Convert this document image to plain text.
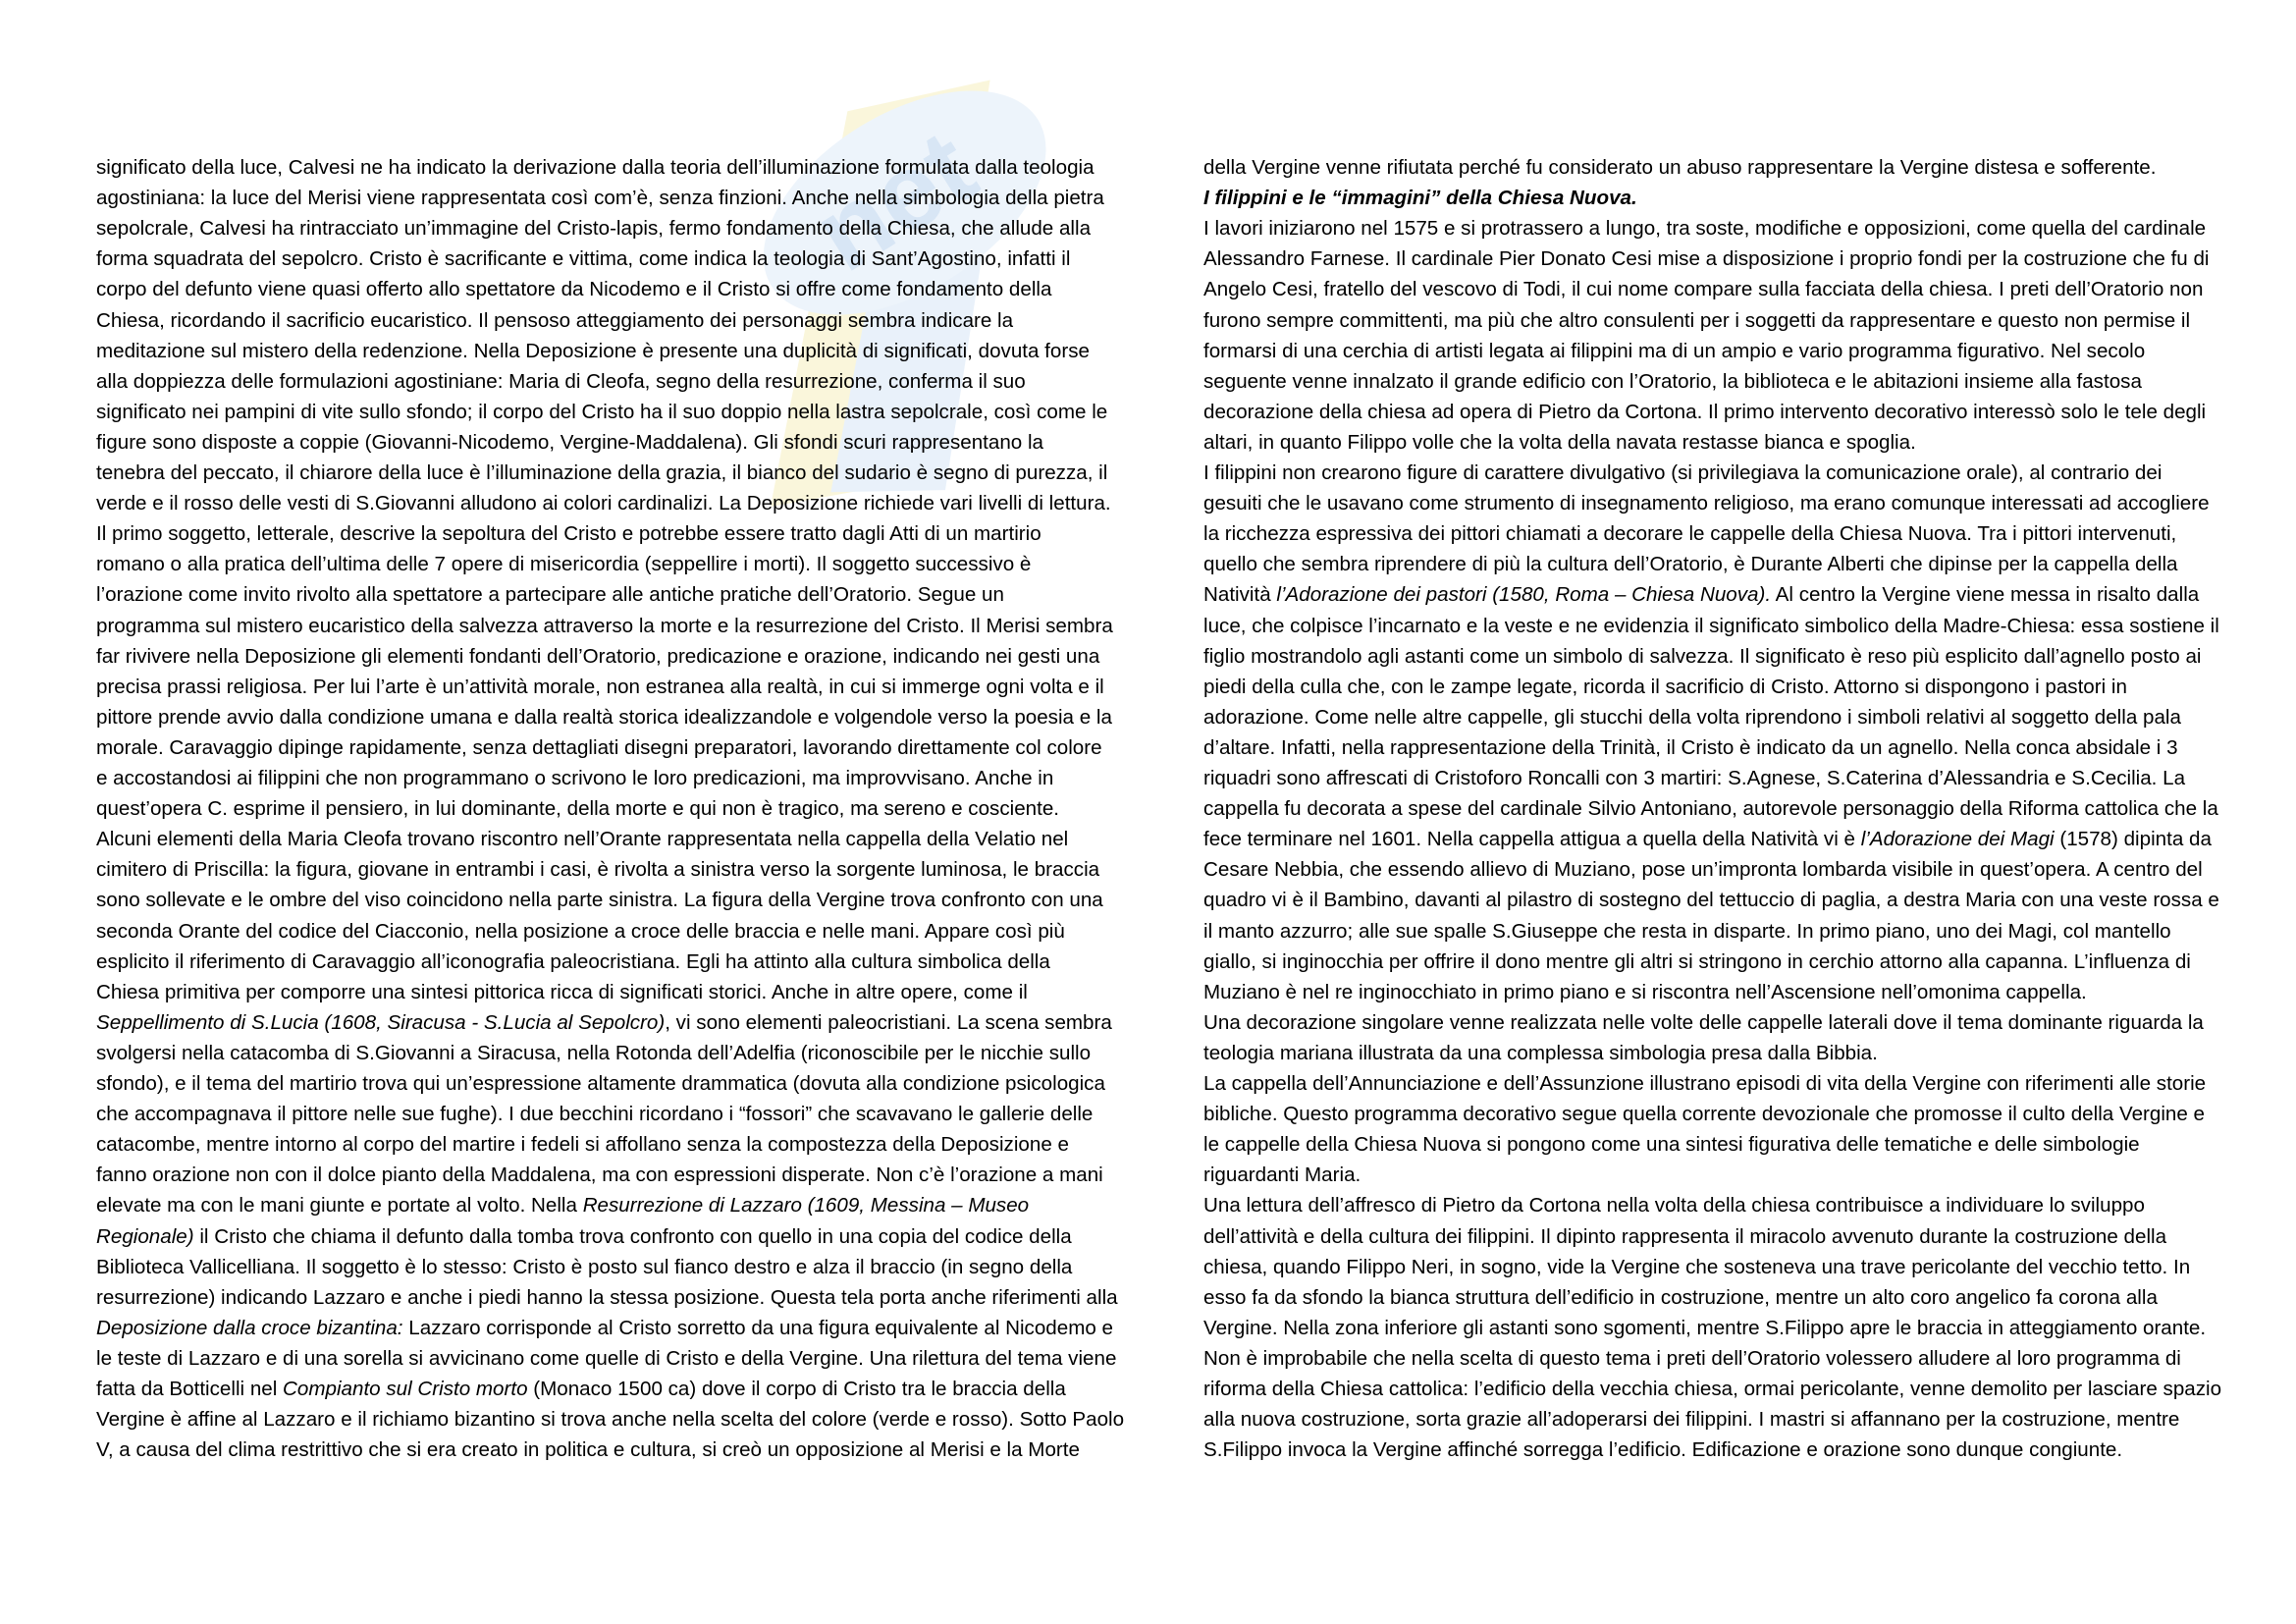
net
significato della luce, Calvesi ne ha indicato la derivazione dalla teoria dell’illuminazione formulata dalla teologia
agostiniana: la luce del Merisi viene rappresentata così com’è, senza finzioni. Anche nella simbologia della pietra
sepolcrale, Calvesi ha rintracciato un’immagine del Cristo-lapis, fermo fondamento della Chiesa, che allude alla
forma squadrata del sepolcro. Cristo è sacrificante e vittima, come indica la teologia di Sant’Agostino, infatti il
corpo del defunto viene quasi offerto allo spettatore da Nicodemo e il Cristo si offre come fondamento della
Chiesa, ricordando il sacrificio eucaristico. Il pensoso atteggiamento dei personaggi sembra indicare la
meditazione sul mistero della redenzione. Nella Deposizione è presente una duplicità di significati, dovuta forse
alla doppiezza delle formulazioni agostiniane: Maria di Cleofa, segno della resurrezione, conferma il suo
significato nei pampini di vite sullo sfondo; il corpo del Cristo ha il suo doppio nella lastra sepolcrale, così come le
figure sono disposte a coppie (Giovanni-Nicodemo, Vergine-Maddalena). Gli sfondi scuri rappresentano la
tenebra del peccato, il chiarore della luce è l’illuminazione della grazia, il bianco del sudario è segno di purezza, il
verde e il rosso delle vesti di S.Giovanni alludono ai colori cardinalizi. La Deposizione richiede vari livelli di lettura.
Il primo soggetto, letterale, descrive la sepoltura del Cristo e potrebbe essere tratto dagli Atti di un martirio
romano o alla pratica dell’ultima delle 7 opere di misericordia (seppellire i morti). Il soggetto successivo è
l’orazione come invito rivolto alla spettatore a partecipare alle antiche pratiche dell’Oratorio. Segue un
programma sul mistero eucaristico della salvezza attraverso la morte e la resurrezione del Cristo. Il Merisi sembra
far rivivere nella Deposizione gli elementi fondanti dell’Oratorio, predicazione e orazione, indicando nei gesti una
precisa prassi religiosa. Per lui l’arte è un’attività morale, non estranea alla realtà, in cui si immerge ogni volta e il
pittore prende avvio dalla condizione umana e dalla realtà storica idealizzandole e volgendole verso la poesia e la
morale. Caravaggio dipinge rapidamente, senza dettagliati disegni preparatori, lavorando direttamente col colore
e accostandosi ai filippini che non programmano o scrivono le loro predicazioni, ma improvvisano. Anche in
quest’opera C. esprime il pensiero, in lui dominante, della morte e qui non è tragico, ma sereno e cosciente.
Alcuni elementi della Maria Cleofa trovano riscontro nell’Orante rappresentata nella cappella della Velatio nel
cimitero di Priscilla: la figura, giovane in entrambi i casi, è rivolta a sinistra verso la sorgente luminosa, le braccia
sono sollevate e le ombre del viso coincidono nella parte sinistra. La figura della Vergine trova confronto con una
seconda Orante del codice del Ciacconio, nella posizione a croce delle braccia e nelle mani. Appare così più
esplicito il riferimento di Caravaggio all’iconografia paleocristiana. Egli ha attinto alla cultura simbolica della
Chiesa primitiva per comporre una sintesi pittorica ricca di significati storici. Anche in altre opere, come il
Seppellimento di S.Lucia (1608, Siracusa - S.Lucia al Sepolcro), vi sono elementi paleocristiani. La scena sembra
svolgersi nella catacomba di S.Giovanni a Siracusa, nella Rotonda dell’Adelfia (riconoscibile per le nicchie sullo
sfondo), e il tema del martirio trova qui un’espressione altamente drammatica (dovuta alla condizione psicologica
che accompagnava il pittore nelle sue fughe). I due becchini ricordano i “fossori” che scavavano le gallerie delle
catacombe, mentre intorno al corpo del martire i fedeli si affollano senza la compostezza della Deposizione e
fanno orazione non con il dolce pianto della Maddalena, ma con espressioni disperate. Non c’è l’orazione a mani
elevate ma con le mani giunte e portate al volto. Nella Resurrezione di Lazzaro (1609, Messina – Museo
Regionale) il Cristo che chiama il defunto dalla tomba trova confronto con quello in una copia del codice della
Biblioteca Vallicelliana. Il soggetto è lo stesso: Cristo è posto sul fianco destro e alza il braccio (in segno della
resurrezione) indicando Lazzaro e anche i piedi hanno la stessa posizione. Questa tela porta anche riferimenti alla
Deposizione dalla croce bizantina: Lazzaro corrisponde al Cristo sorretto da una figura equivalente al Nicodemo e
le teste di Lazzaro e di una sorella si avvicinano come quelle di Cristo e della Vergine. Una rilettura del tema viene
fatta da Botticelli nel Compianto sul Cristo morto (Monaco 1500 ca) dove il corpo di Cristo tra le braccia della
Vergine è affine al Lazzaro e il richiamo bizantino si trova anche nella scelta del colore (verde e rosso). Sotto Paolo
V, a causa del clima restrittivo che si era creato in politica e cultura, si creò un opposizione al Merisi e la Morte
della Vergine venne rifiutata perché fu considerato un abuso rappresentare la Vergine distesa e sofferente.
I filippini e le “immagini” della Chiesa Nuova.
I lavori iniziarono nel 1575 e si protrassero a lungo, tra soste, modifiche e opposizioni, come quella del cardinale
Alessandro Farnese. Il cardinale Pier Donato Cesi mise a disposizione i proprio fondi per la costruzione che fu di
Angelo Cesi, fratello del vescovo di Todi, il cui nome compare sulla facciata della chiesa. I preti dell’Oratorio non
furono sempre committenti, ma più che altro consulenti per i soggetti da rappresentare e questo non permise il
formarsi di una cerchia di artisti legata ai filippini ma di un ampio e vario programma figurativo. Nel secolo
seguente venne innalzato il grande edificio con l’Oratorio, la biblioteca e le abitazioni insieme alla fastosa
decorazione della chiesa ad opera di Pietro da Cortona. Il primo intervento decorativo interessò solo le tele degli
altari, in quanto Filippo volle che la volta della navata restasse bianca e spoglia.
I filippini non crearono figure di carattere divulgativo (si privilegiava la comunicazione orale), al contrario dei
gesuiti che le usavano come strumento di insegnamento religioso, ma erano comunque interessati ad accogliere
la ricchezza espressiva dei pittori chiamati a decorare le cappelle della Chiesa Nuova. Tra i pittori intervenuti,
quello che sembra riprendere di più la cultura dell’Oratorio, è Durante Alberti che dipinse per la cappella della
Natività l’Adorazione dei pastori (1580, Roma – Chiesa Nuova). Al centro la Vergine viene messa in risalto dalla
luce, che colpisce l’incarnato e la veste e ne evidenzia il significato simbolico della Madre-Chiesa: essa sostiene il
figlio mostrandolo agli astanti come un simbolo di salvezza. Il significato è reso più esplicito dall’agnello posto ai
piedi della culla che, con le zampe legate, ricorda il sacrificio di Cristo. Attorno si dispongono i pastori in
adorazione. Come nelle altre cappelle, gli stucchi della volta riprendono i simboli relativi al soggetto della pala
d’altare. Infatti, nella rappresentazione della Trinità, il Cristo è indicato da un agnello. Nella conca absidale i 3
riquadri sono affrescati di Cristoforo Roncalli con 3 martiri: S.Agnese, S.Caterina d’Alessandria e S.Cecilia. La
cappella fu decorata a spese del cardinale Silvio Antoniano, autorevole personaggio della Riforma cattolica che la
fece terminare nel 1601. Nella cappella attigua a quella della Natività vi è l’Adorazione dei Magi (1578) dipinta da
Cesare Nebbia, che essendo allievo di Muziano, pose un’impronta lombarda visibile in quest’opera. A centro del
quadro vi è il Bambino, davanti al pilastro di sostegno del tettuccio di paglia, a destra Maria con una veste rossa e
il manto azzurro; alle sue spalle S.Giuseppe che resta in disparte. In primo piano, uno dei Magi, col mantello
giallo, si inginocchia per offrire il dono mentre gli altri si stringono in cerchio attorno alla capanna. L’influenza di
Muziano è nel re inginocchiato in primo piano e si riscontra nell’Ascensione nell’omonima cappella.
Una decorazione singolare venne realizzata nelle volte delle cappelle laterali dove il tema dominante riguarda la
teologia mariana illustrata da una complessa simbologia presa dalla Bibbia.
La cappella dell’Annunciazione e dell’Assunzione illustrano episodi di vita della Vergine con riferimenti alle storie
bibliche. Questo programma decorativo segue quella corrente devozionale che promosse il culto della Vergine e
le cappelle della Chiesa Nuova si pongono come una sintesi figurativa delle tematiche e delle simbologie
riguardanti Maria.
Una lettura dell’affresco di Pietro da Cortona nella volta della chiesa contribuisce a individuare lo sviluppo
dell’attività e della cultura dei filippini. Il dipinto rappresenta il miracolo avvenuto durante la costruzione della
chiesa, quando Filippo Neri, in sogno, vide la Vergine che sosteneva una trave pericolante del vecchio tetto. In
esso fa da sfondo la bianca struttura dell’edificio in costruzione, mentre un alto coro angelico fa corona alla
Vergine. Nella zona inferiore gli astanti sono sgomenti, mentre S.Filippo apre le braccia in atteggiamento orante.
Non è improbabile che nella scelta di questo tema i preti dell’Oratorio volessero alludere al loro programma di
riforma della Chiesa cattolica: l’edificio della vecchia chiesa, ormai pericolante, venne demolito per lasciare spazio
alla nuova costruzione, sorta grazie all’adoperarsi dei filippini. I mastri si affannano per la costruzione, mentre
S.Filippo invoca la Vergine affinché sorregga l’edificio. Edificazione e orazione sono dunque congiunte.
